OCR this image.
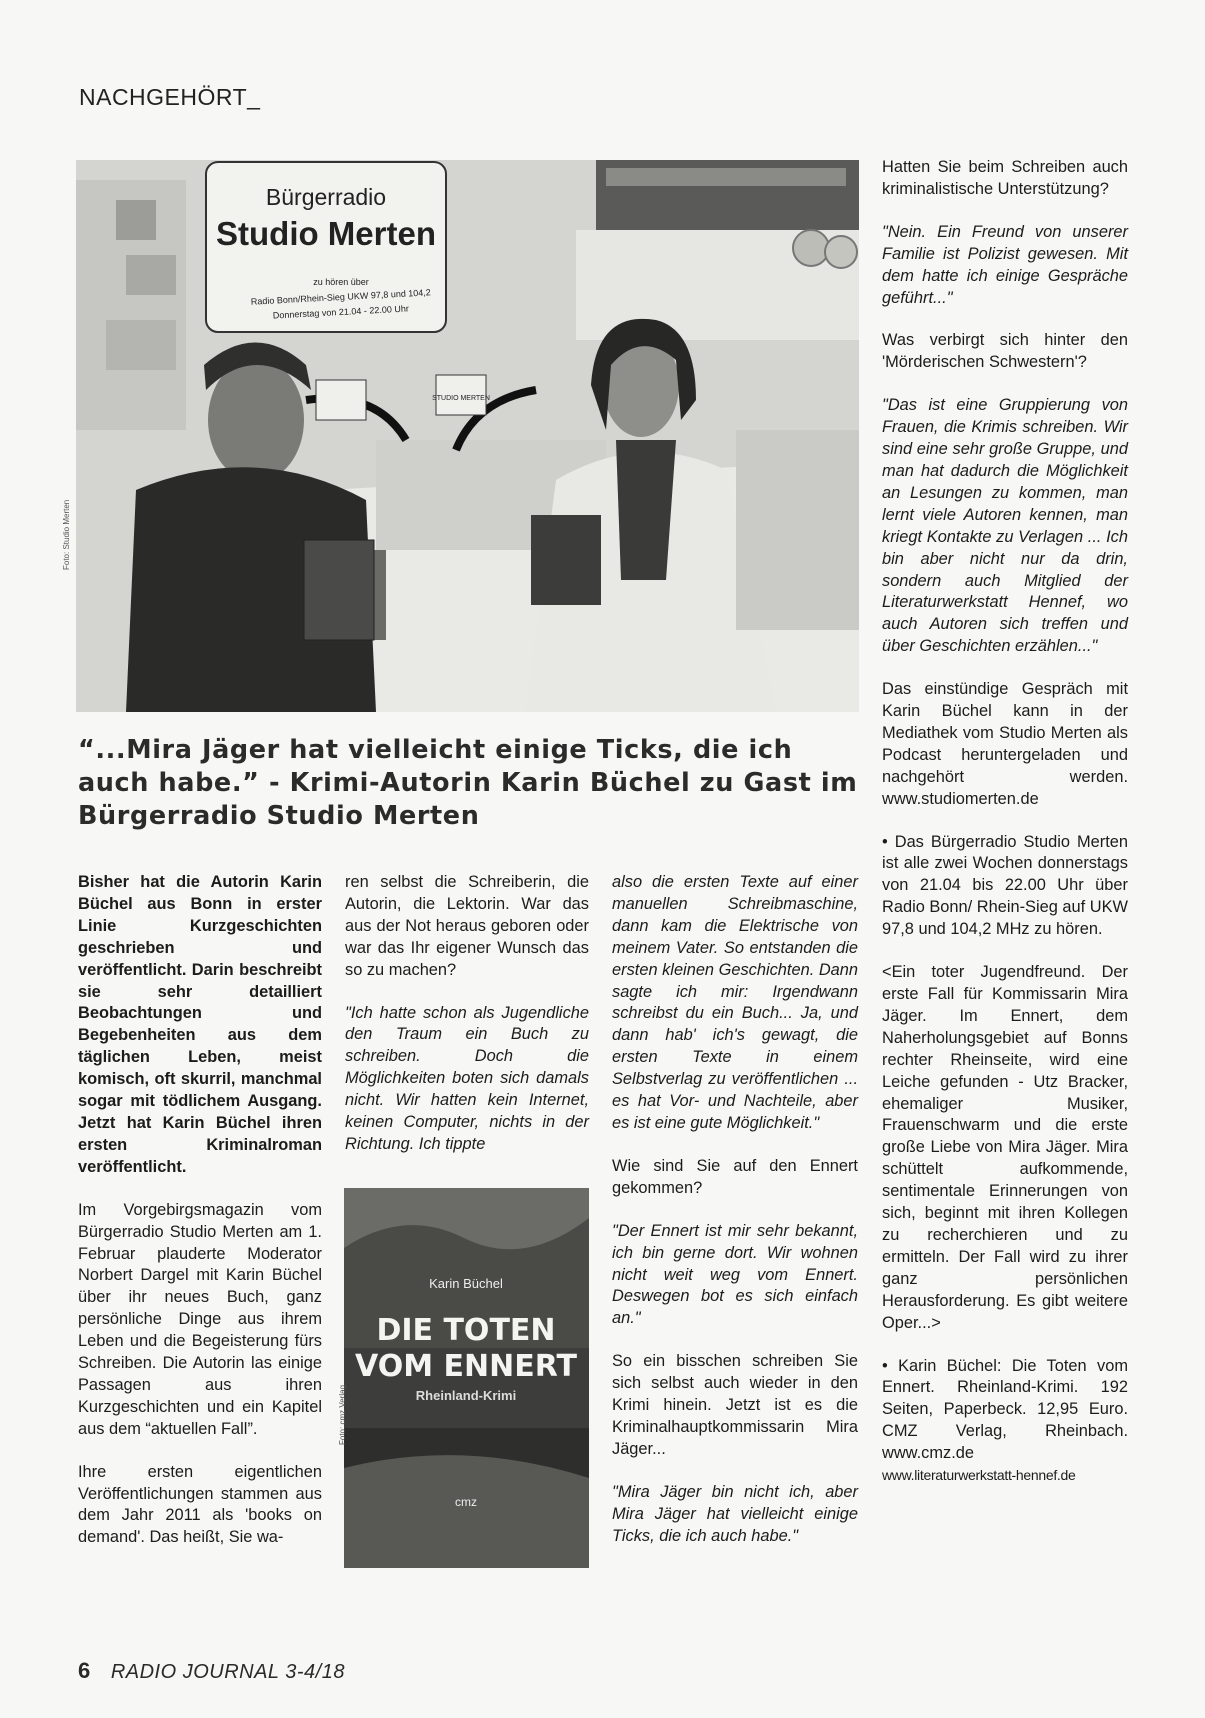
NACHGEHÖRT_
Bürgerradio
Studio Merten
zu hören über
Radio Bonn/Rhein-Sieg UKW 97,8 und 104,2
Donnerstag von 21.04 - 22.00 Uhr
STUDIO MERTEN
Foto: Studio Merten
“...Mira Jäger hat vielleicht einige Ticks, die ich auch habe.” - Krimi-Autorin Karin Büchel zu Gast im Bürgerradio Studio Merten

Bisher hat die Autorin Karin Büchel aus Bonn in erster Linie Kurzgeschichten geschrieben und veröffentlicht. Darin beschreibt sie sehr detailliert Beobachtungen und Begebenheiten aus dem täglichen Leben, meist komisch, oft skurril, manchmal sogar mit tödlichem Ausgang. Jetzt hat Karin Büchel ihren ersten Kriminalroman veröffentlicht.

Im Vorgebirgsmagazin vom Bürgerradio Studio Merten am 1. Februar plauderte Moderator Norbert Dargel mit Karin Büchel über ihr neues Buch, ganz persönliche Dinge aus ihrem Leben und die Begeisterung fürs Schreiben. Die Autorin las einige Passagen aus ihren Kurzgeschichten und ein Kapitel aus dem “aktuellen Fall”.

Ihre ersten eigentlichen Veröffentlichungen stammen aus dem Jahr 2011 als 'books on demand'. Das heißt, Sie wa-

ren selbst die Schreiberin, die Autorin, die Lektorin. War das aus der Not heraus geboren oder war das Ihr eigener Wunsch das so zu machen?

"Ich hatte schon als Jugendliche den Traum ein Buch zu schreiben. Doch die Möglichkeiten boten sich damals nicht. Wir hatten kein Internet, keinen Computer, nichts in der Richtung. Ich tippte

Karin Büchel
DIE TOTEN
VOM ENNERT
Rheinland-Krimi
cmz
Foto: cmz Verlag

also die ersten Texte auf einer manuellen Schreibmaschine, dann kam die Elektrische von meinem Vater. So entstanden die ersten kleinen Geschichten. Dann sagte ich mir: Irgendwann schreibst du ein Buch... Ja, und dann hab' ich's gewagt, die ersten Texte in einem Selbstverlag zu veröffentlichen ... es hat Vor- und Nachteile, aber es ist eine gute Möglichkeit."

Wie sind Sie auf den Ennert gekommen?

"Der Ennert ist mir sehr bekannt, ich bin gerne dort. Wir wohnen nicht weit weg vom Ennert. Deswegen bot es sich einfach an."

So ein bisschen schreiben Sie sich selbst auch wieder in den Krimi hinein. Jetzt ist es die Kriminalhauptkommissarin Mira Jäger...

"Mira Jäger bin nicht ich, aber Mira Jäger hat vielleicht einige Ticks, die ich auch habe."

Hatten Sie beim Schreiben auch kriminalistische Unterstützung?

"Nein. Ein Freund von unserer Familie ist Polizist gewesen. Mit dem hatte ich einige Gespräche geführt..."

Was verbirgt sich hinter den 'Mörderischen Schwestern'?

"Das ist eine Gruppierung von Frauen, die Krimis schreiben. Wir sind eine sehr große Gruppe, und man hat dadurch die Möglichkeit an Lesungen zu kommen, man lernt viele Autoren kennen, man kriegt Kontakte zu Verlagen ... Ich bin aber nicht nur da drin, sondern auch Mitglied der Literaturwerkstatt Hennef, wo auch Autoren sich treffen und über Geschichten erzählen..."

Das einstündige Gespräch mit Karin Büchel kann in der Mediathek vom Studio Merten als Podcast heruntergeladen und nachgehört werden. www.studiomerten.de

• Das Bürgerradio Studio Merten ist alle zwei Wochen donnerstags von 21.04 bis 22.00 Uhr über Radio Bonn/ Rhein-Sieg auf UKW 97,8 und 104,2 MHz zu hören.

<Ein toter Jugendfreund. Der erste Fall für Kommissarin Mira Jäger. Im Ennert, dem Naherholungsgebiet auf Bonns rechter Rheinseite, wird eine Leiche gefunden - Utz Bracker, ehemaliger Musiker, Frauenschwarm und die erste große Liebe von Mira Jäger. Mira schüttelt aufkommende, sentimentale Erinnerungen von sich, beginnt mit ihren Kollegen zu recherchieren und zu ermitteln. Der Fall wird zu ihrer ganz persönlichen Herausforderung. Es gibt weitere Oper...>

• Karin Büchel: Die Toten vom Ennert. Rheinland-Krimi. 192 Seiten, Paperbeck. 12,95 Euro. CMZ Verlag, Rheinbach. www.cmz.de

www.literaturwerkstatt-hennef.de
6 RADIO JOURNAL 3-4/18
